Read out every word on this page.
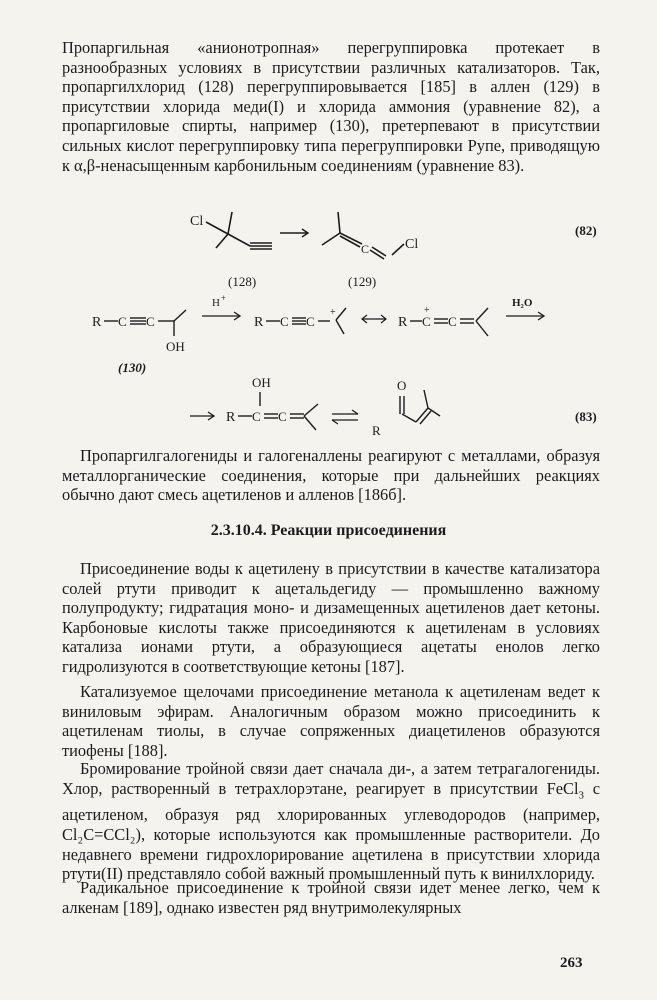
Пропаргильная «анионотропная» перегруппировка протекает в разнообразных условиях в присутствии различных катализаторов. Так, пропаргилхлорид (128) перегруппировывается [185] в аллен (129) в присутствии хлорида меди(I) и хлорида аммония (уравнение 82), а пропаргиловые спирты, например (130), претерпевают в присутствии сильных кислот перегруппировку типа перегруппировки Рупе, приводящую к α,β-ненасыщенным карбонильным соединениям (уравнение 83).

Cl
C	Cl
(128)	(129)
(82)
R C C
OH
H +
R C C
+
R C
+
C
H₂O
(130)
OH
R C C
O
R
(83)

Пропаргилгалогениды и галогеналлены реагируют с металлами, образуя металлорганические соединения, которые при дальнейших реакциях обычно дают смесь ацетиленов и алленов [186б].

2.3.10.4. Реакции присоединения

Присоединение воды к ацетилену в присутствии в качестве катализатора солей ртути приводит к ацетальдегиду — промышленно важному полупродукту; гидратация моно- и дизамещенных ацетиленов дает кетоны. Карбоновые кислоты также присоединяются к ацетиленам в условиях катализа ионами ртути, а образующиеся ацетаты енолов легко гидролизуются в соответствующие кетоны [187].

Катализуемое щелочами присоединение метанола к ацетиленам ведет к виниловым эфирам. Аналогичным образом можно присоединить к ацетиленам тиолы, в случае сопряженных диацетиленов образуются тиофены [188].

Бромирование тройной связи дает сначала ди-, а затем тетрагалогениды. Хлор, растворенный в тетрахлорэтане, реагирует в присутствии FeCl$_3$ с ацетиленом, образуя ряд хлорированных углеводородов (например, Cl₂C=CCl₂), которые используются как промышленные растворители. До недавнего времени гидрохлорирование ацетилена в присутствии хлорида ртути(II) представляло собой важный промышленный путь к винилхлориду.

Радикальное присоединение к тройной связи идет менее легко, чем к алкенам [189], однако известен ряд внутримолекулярных

263
